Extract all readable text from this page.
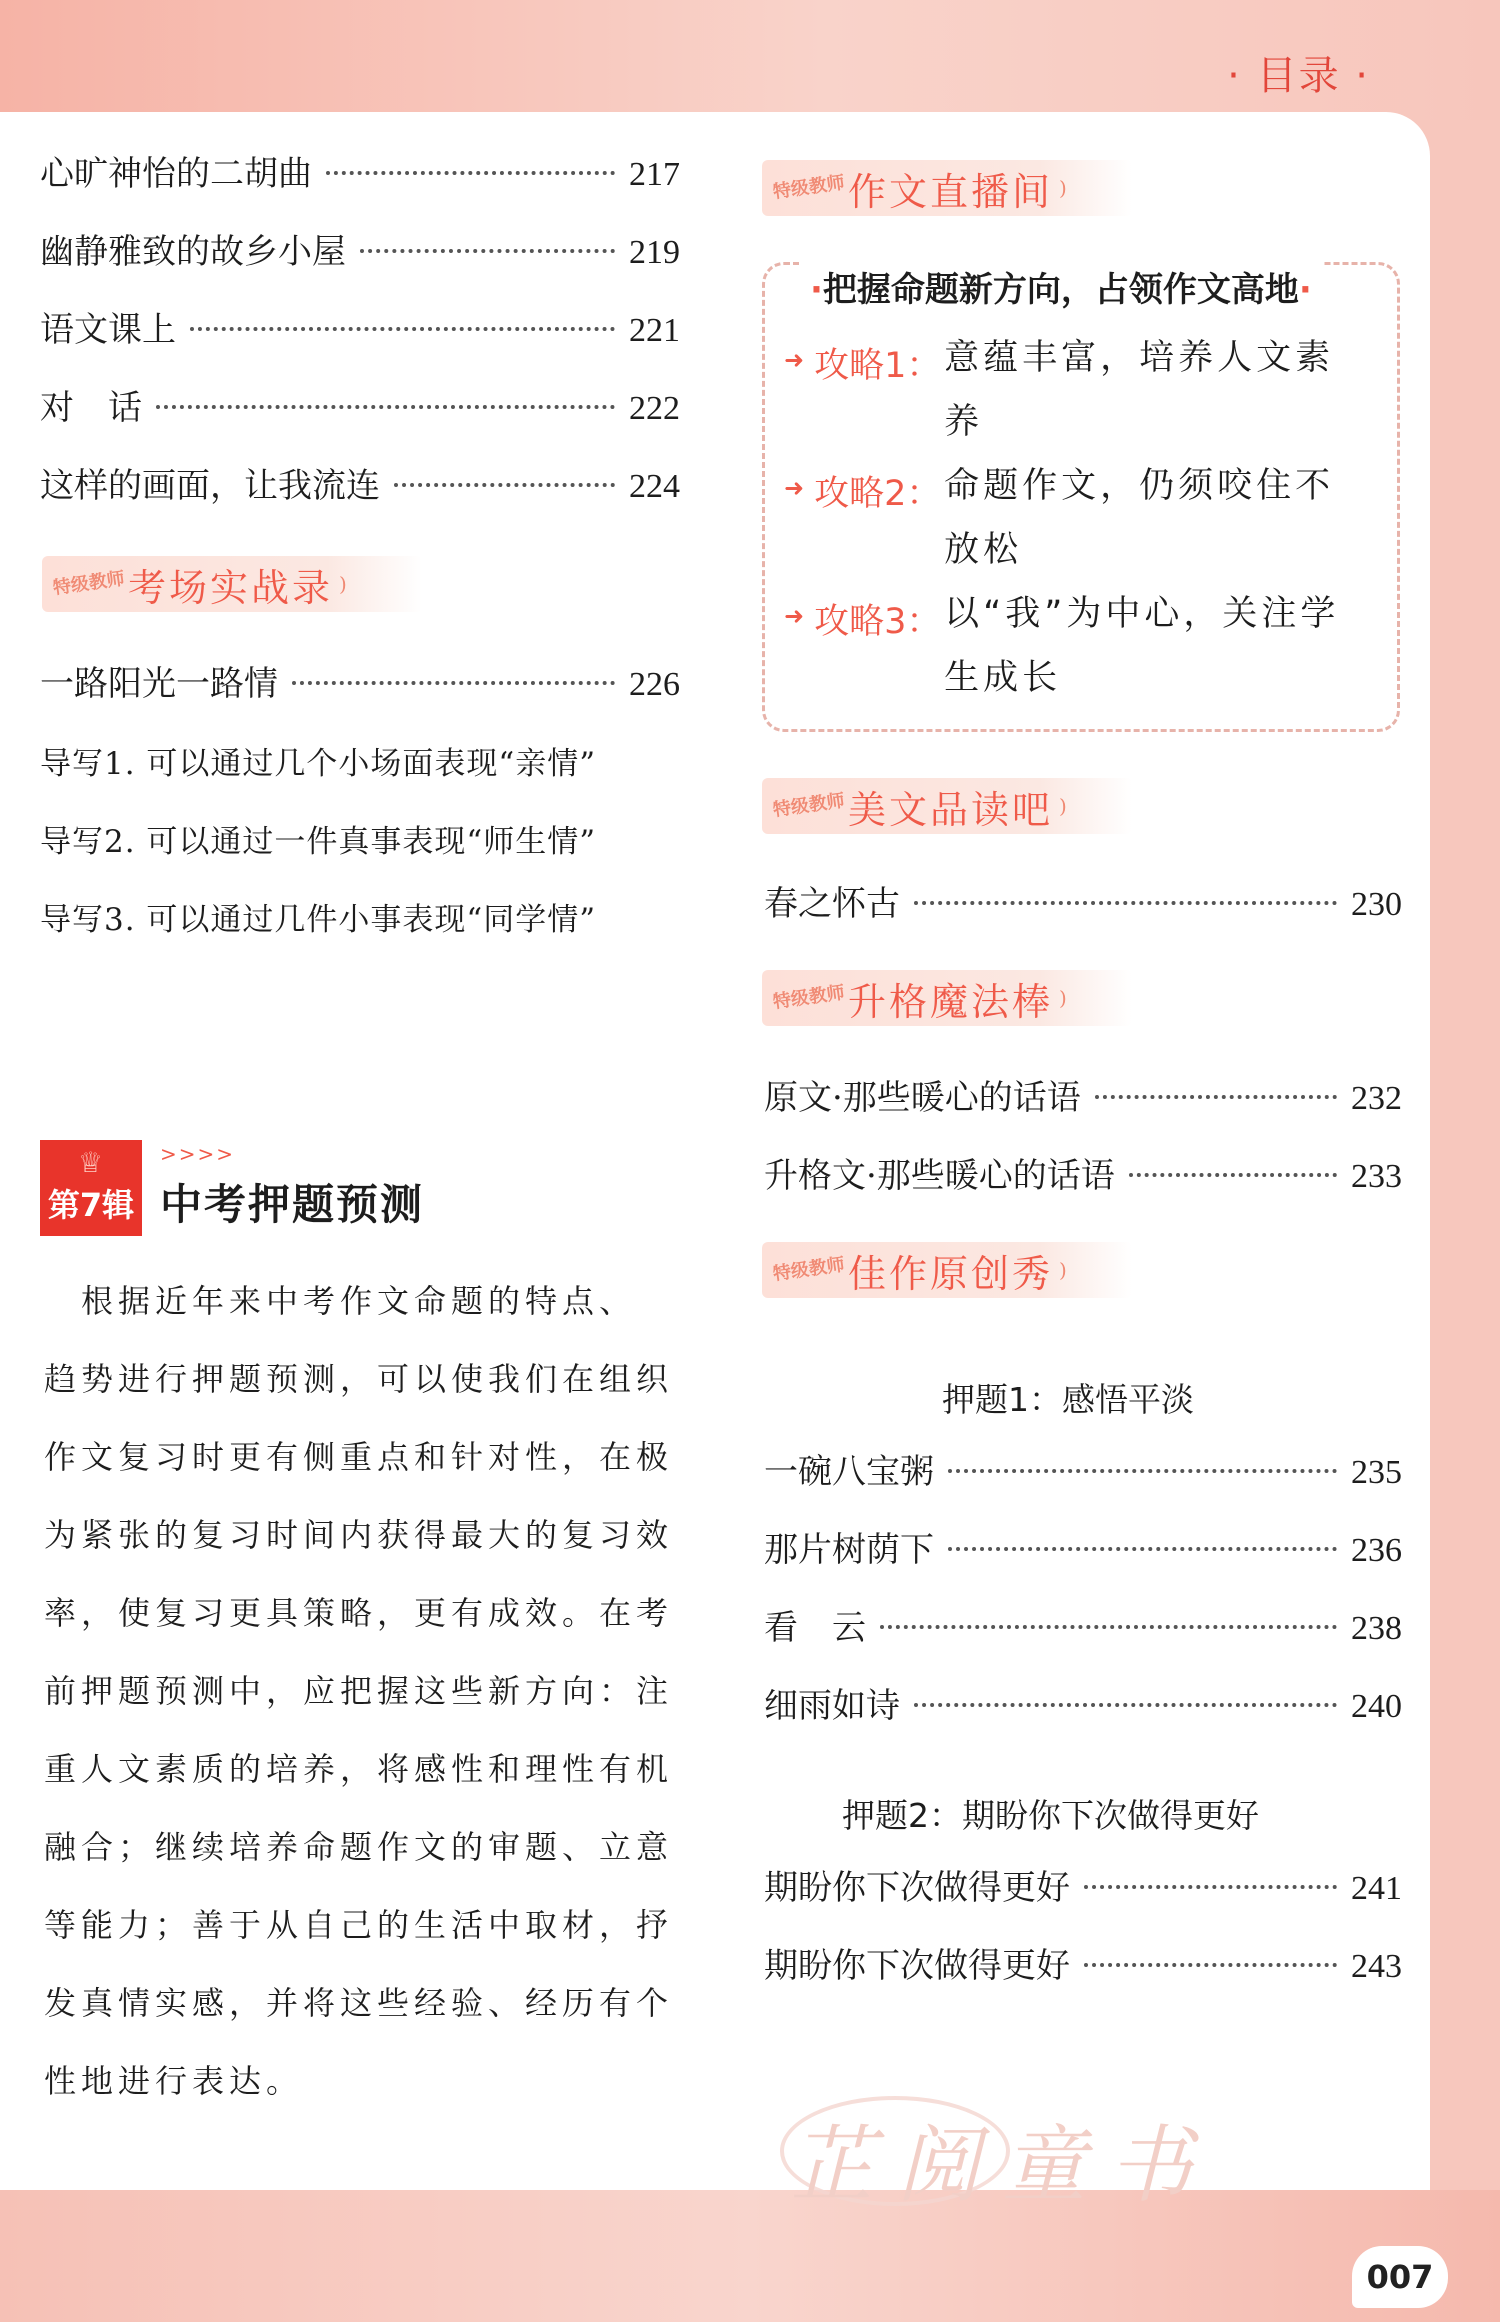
· 目录 ·
芷阅童书
007
心旷神怡的二胡曲	217
幽静雅致的故乡小屋	219
语文课上	221
对　话	222
这样的画面，让我流连	224
特级教师 考场实战录 )
一路阳光一路情	226
导写1. 可以通过几个小场面表现“亲情”
导写2. 可以通过一件真事表现“师生情”
导写3. 可以通过几件小事表现“同学情”
第7辑
♕	>>>>
中考押题预测
　根据近年来中考作文命题的特点、
趋势进行押题预测，可以使我们在组织
作文复习时更有侧重点和针对性，在极
为紧张的复习时间内获得最大的复习效
率，使复习更具策略，更有成效。在考
前押题预测中，应把握这些新方向：注
重人文素质的培养，将感性和理性有机
融合；继续培养命题作文的审题、立意
等能力；善于从自己的生活中取材，抒
发真情实感，并将这些经验、经历有个
性地进行表达。
特级教师 作文直播间 )
·把握命题新方向，占领作文高地·
➜ 攻略1： 意蕴丰富，培养人文素养
➜ 攻略2： 命题作文，仍须咬住不放松
➜ 攻略3： 以“我”为中心，关注学生成长
特级教师 美文品读吧 )
春之怀古	230
特级教师 升格魔法棒 )
原文·那些暖心的话语	232
升格文·那些暖心的话语	233
特级教师 佳作原创秀 )
押题1：感悟平淡
一碗八宝粥	235
那片树荫下	236
看　云	238
细雨如诗	240
押题2：期盼你下次做得更好
期盼你下次做得更好	241
期盼你下次做得更好	243
